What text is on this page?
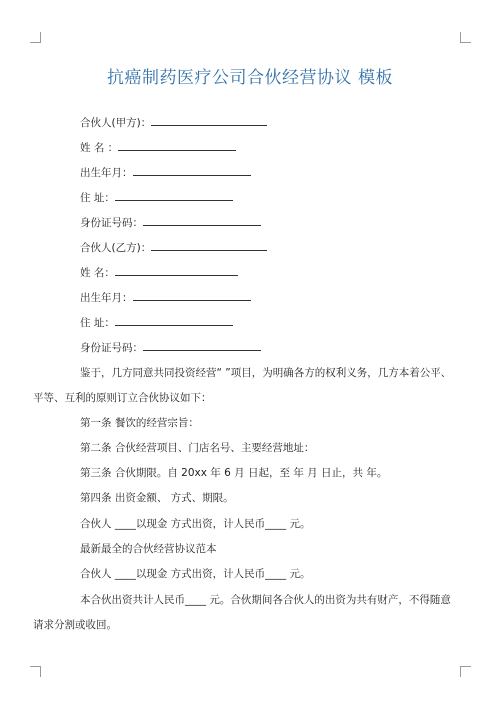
抗癌制药医疗公司合伙经营协议 模板
合伙人(甲方)：
姓 名 ：
出生年月：
住 址：
身份证号码：
合伙人(乙方)：
姓 名：
出生年月：
住 址：
身份证号码：
鉴于，几方同意共同投资经营“ ”项目，为明确各方的权利义务，几方本着公平、
平等、互利的原则订立合伙协议如下：
第一条 餐饮的经营宗旨：
第二条 合伙经营项目、门店名号、主要经营地址：
第三条 合伙期限。自 20xx 年 6 月 日起，至 年 月 日止，共 年。
第四条 出资金额、 方式、期限。
合伙人 ____以现金 方式出资，计人民币____ 元。
最新最全的合伙经营协议范本
合伙人 ____以现金 方式出资，计人民币____ 元。
本合伙出资共计人民币____ 元。合伙期间各合伙人的出资为共有财产，不得随意
请求分割或收回。
